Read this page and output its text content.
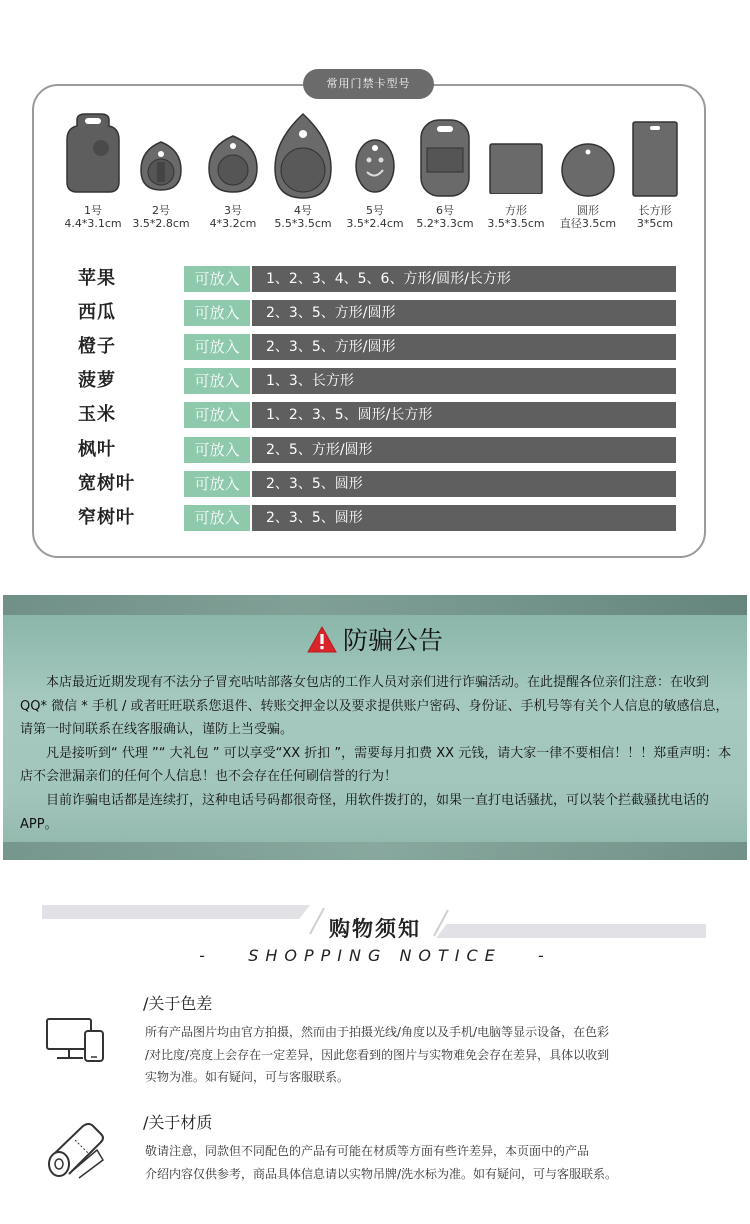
常用门禁卡型号
1号
4.4*3.1cm
2号
3.5*2.8cm
3号
4*3.2cm
4号
5.5*3.5cm
5号
3.5*2.4cm
6号
5.2*3.3cm
方形
3.5*3.5cm
圆形
直径3.5cm
长方形
3*5cm
苹果	可放入	1、2、3、4、5、6、方形/圆形/长方形
西瓜	可放入	2、3、5、方形/圆形
橙子	可放入	2、3、5、方形/圆形
菠萝	可放入	1、3、长方形
玉米	可放入	1、2、3、5、圆形/长方形
枫叶	可放入	2、5、方形/圆形
宽树叶	可放入	2、3、5、圆形
窄树叶	可放入	2、3、5、圆形
防骗公告

本店最近近期发现有不法分子冒充咕咕部落女包店的工作人员对亲们进行诈骗活动。在此提醒各位亲们注意：在收到 QQ* 微信 * 手机 / 或者旺旺联系您退件、转账交押金以及要求提供账户密码、身份证、手机号等有关个人信息的敏感信息，请第一时间联系在线客服确认，谨防上当受骗。

凡是接听到“ 代理 ”“ 大礼包 ” 可以享受“XX 折扣 ”，需要每月扣费 XX 元钱，请大家一律不要相信！！！郑重声明：本店不会泄漏亲们的任何个人信息！也不会存在任何刷信誉的行为！

目前诈骗电话都是连续打，这种电话号码都很奇怪，用软件拨打的，如果一直打电话骚扰，可以装个拦截骚扰电话的 APP。

购物须知
-   SHOPPING NOTICE   -
/关于色差
所有产品图片均由官方拍摄，然而由于拍摄光线/角度以及手机/电脑等显示设备，在色彩
/对比度/亮度上会存在一定差异，因此您看到的图片与实物难免会存在差异，具体以收到
实物为准。如有疑问，可与客服联系。
/关于材质
敬请注意，同款但不同配色的产品有可能在材质等方面有些许差异，本页面中的产品
介绍内容仅供参考，商品具体信息请以实物吊牌/洗水标为准。如有疑问，可与客服联系。
